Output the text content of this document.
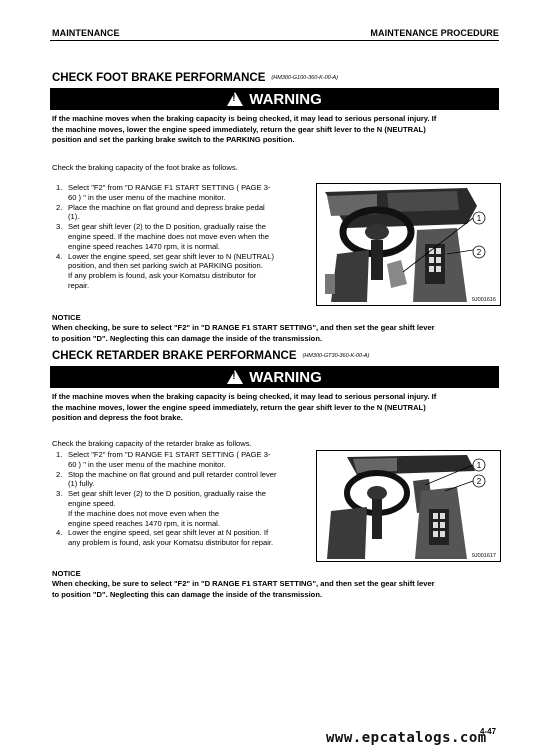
MAINTENANCE	MAINTENANCE PROCEDURE
CHECK FOOT BRAKE PERFORMANCE (HM300-G100-360-K-00-A)
! WARNING
If the machine moves when the braking capacity is being checked, it may lead to serious personal injury. If
the machine moves, lower the engine speed immediately, return the gear shift lever to the N (NEUTRAL)
position and set the parking brake switch to the PARKING position.
Check the braking capacity of the foot brake as follows.
1. Select "F2" from "D RANGE F1 START SETTING ( PAGE 3-
60 ) " in the user menu of the machine monitor.
2. Place the machine on flat ground and depress brake pedal
(1).
3. Set gear shift lever (2) to the D position, gradually raise the
engine speed. If the machine does not move even when the
engine speed reaches 1470 rpm, it is normal.
4. Lower the engine speed, set gear shift lever to N (NEUTRAL)
position, and then set parking swich at PARKING position.
If any problem is found, ask your Komatsu distributor for
repair.
1
2
9J001616
NOTICE
When checking, be sure to select "F2" in "D RANGE F1 START SETTING", and then set the gear shift lever
to position "D". Neglecting this can damage the inside of the transmission.
CHECK RETARDER BRAKE PERFORMANCE (HM300-GT30-360-K-00-A)
! WARNING
If the machine moves when the braking capacity is being checked, it may lead to serious personal injury. If
the machine moves, lower the engine speed immediately, return the gear shift lever to the N (NEUTRAL)
position and depress the foot brake.
Check the braking capacity of the retarder brake as follows.
1. Select "F2" from "D RANGE F1 START SETTING ( PAGE 3-
60 ) " in the user menu of the machine monitor.
2. Stop the machine on flat ground and pull retarder control lever
(1) fully.
3. Set gear shift lever (2) to the D position, gradually raise the
engine speed.
If the machine does not move even when the
engine speed reaches 1470 rpm, it is normal.
4. Lower the engine speed, set gear shift lever at N position. If
any problem is found, ask your Komatsu distributor for repair.
1
2
9J001617
NOTICE
When checking, be sure to select "F2" in "D RANGE F1 START SETTING", and then set the gear shift lever
to position "D". Neglecting this can damage the inside of the transmission.
4-47
www.epcatalogs.com
